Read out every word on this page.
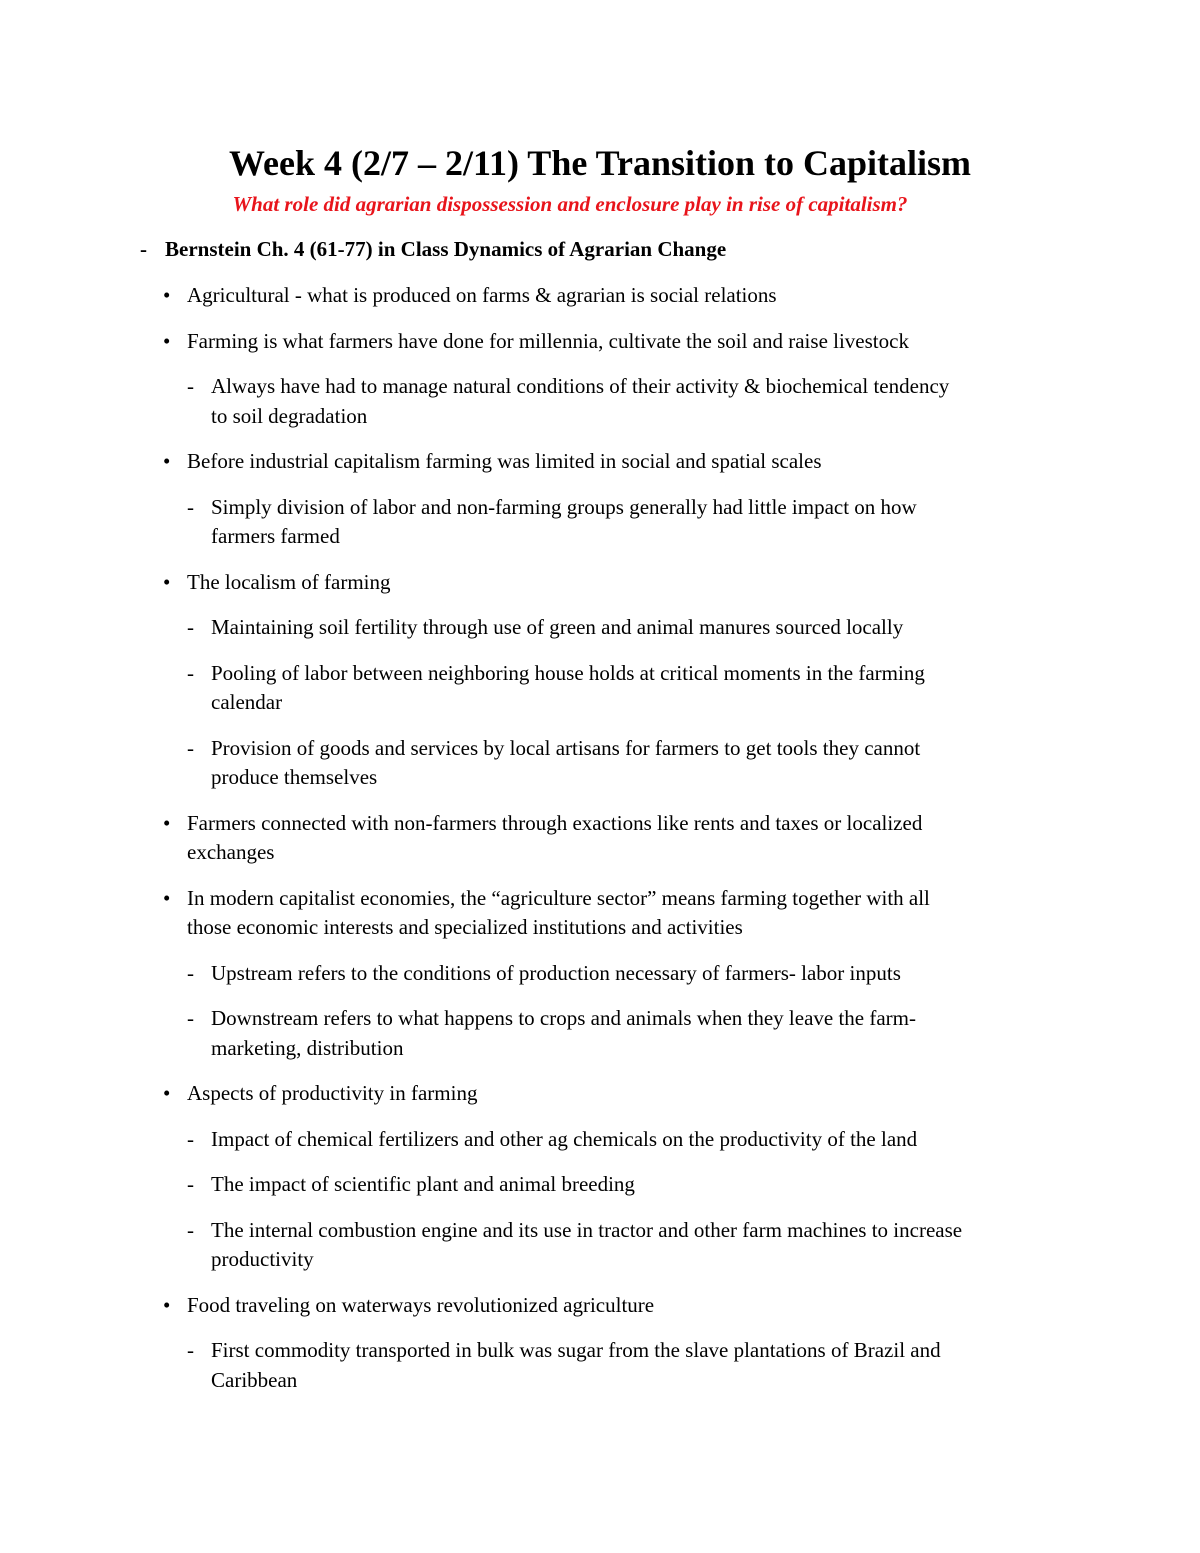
Week 4 (2/7 – 2/11) The Transition to Capitalism

What role did agrarian dispossession and enclosure play in rise of capitalism?

- Bernstein Ch. 4 (61-77) in Class Dynamics of Agrarian Change

• Agricultural - what is produced on farms & agrarian is social relations

• Farming is what farmers have done for millennia, cultivate the soil and raise livestock

- Always have had to manage natural conditions of their activity & biochemical tendency

to soil degradation

• Before industrial capitalism farming was limited in social and spatial scales

- Simply division of labor and non-farming groups generally had little impact on how

farmers farmed

• The localism of farming

- Maintaining soil fertility through use of green and animal manures sourced locally

- Pooling of labor between neighboring house holds at critical moments in the farming

calendar

- Provision of goods and services by local artisans for farmers to get tools they cannot

produce themselves

• Farmers connected with non-farmers through exactions like rents and taxes or localized

exchanges

• In modern capitalist economies, the “agriculture sector” means farming together with all

those economic interests and specialized institutions and activities

- Upstream refers to the conditions of production necessary of farmers- labor inputs

- Downstream refers to what happens to crops and animals when they leave the farm-

marketing, distribution

• Aspects of productivity in farming

- Impact of chemical fertilizers and other ag chemicals on the productivity of the land

- The impact of scientific plant and animal breeding

- The internal combustion engine and its use in tractor and other farm machines to increase

productivity

• Food traveling on waterways revolutionized agriculture

- First commodity transported in bulk was sugar from the slave plantations of Brazil and

Caribbean
